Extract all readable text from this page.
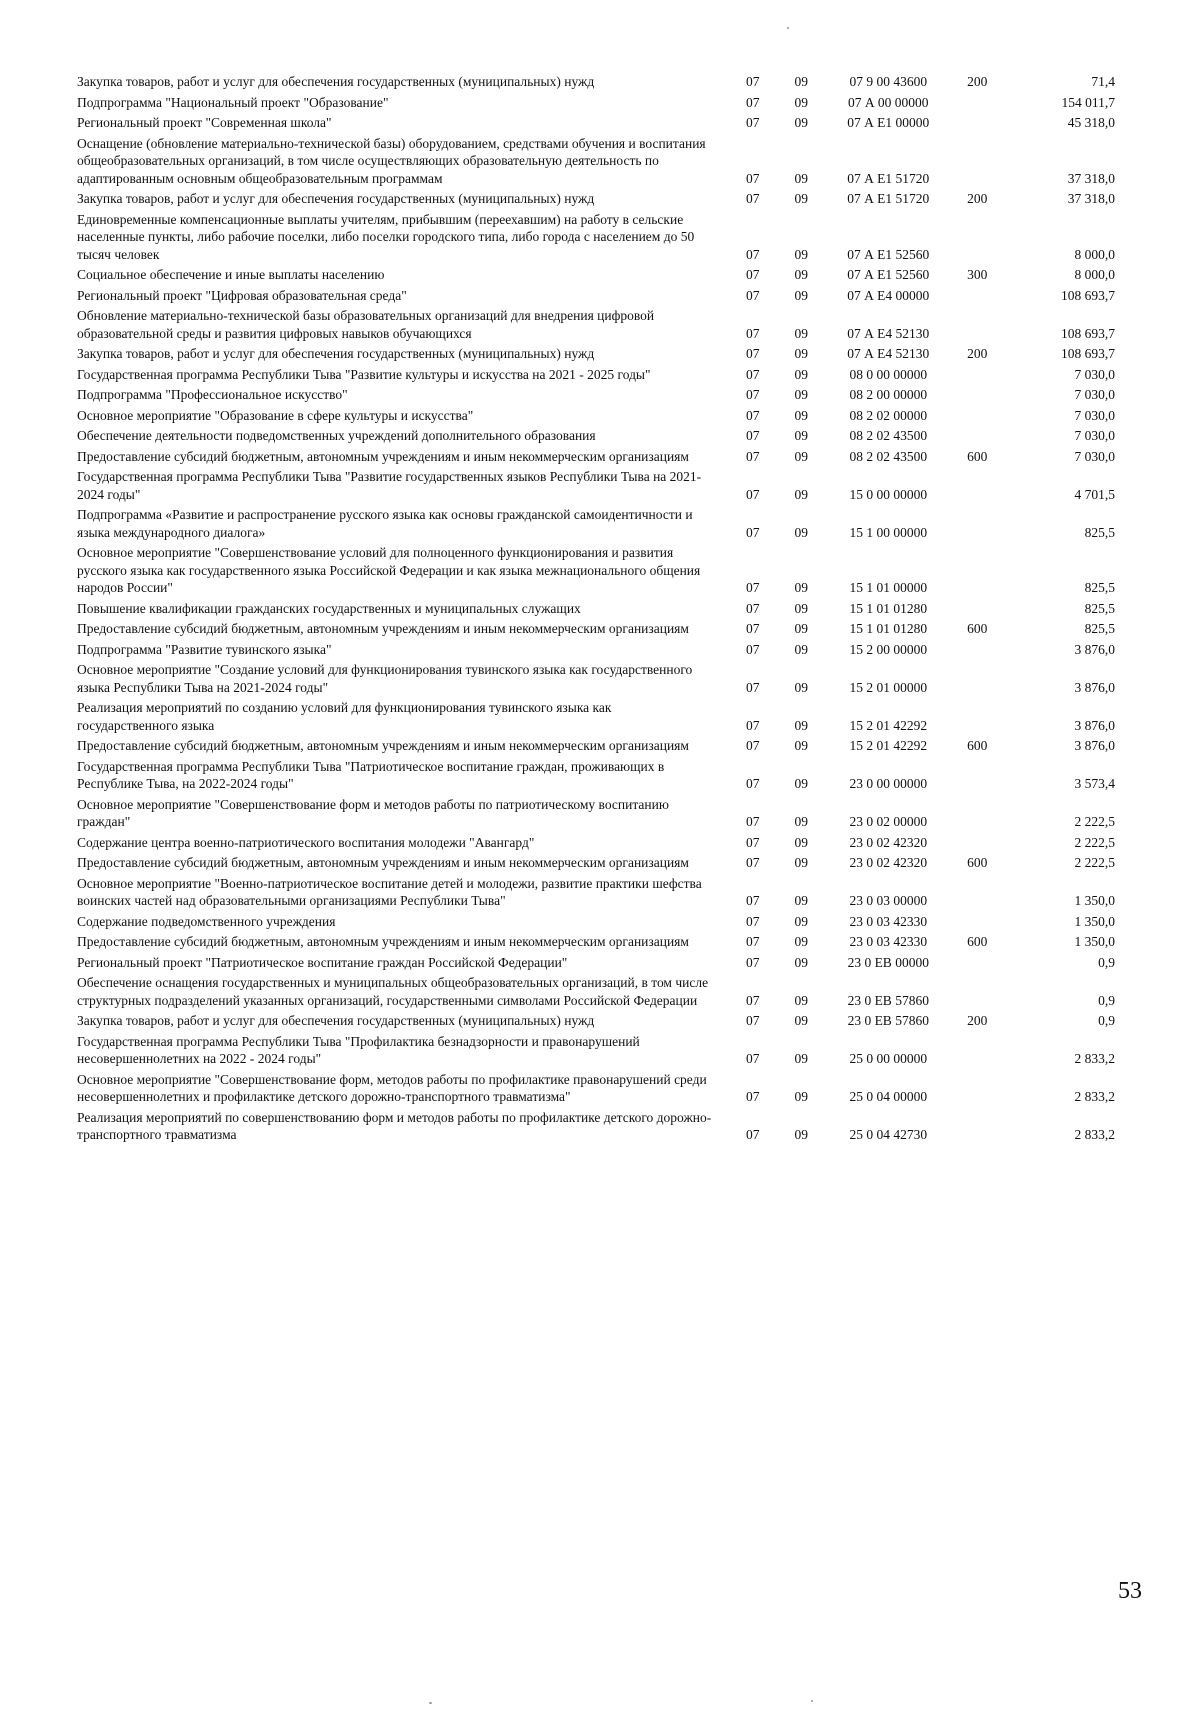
Закупка товаров, работ и услуг для обеспечения государственных (муниципальных) нужд	07	09	07 9 00 43600	200	71,4
Подпрограмма "Национальный проект "Образование"	07	09	07 А 00 00000		154 011,7
Региональный проект "Современная школа"	07	09	07 А Е1 00000		45 318,0
Оснащение (обновление материально-технической базы) оборудованием, средствами обучения и воспитания общеобразовательных организаций, в том числе осуществляющих образовательную деятельность по адаптированным основным общеобразовательным программам	07	09	07 А Е1 51720		37 318,0
Закупка товаров, работ и услуг для обеспечения государственных (муниципальных) нужд	07	09	07 А Е1 51720	200	37 318,0
Единовременные компенсационные выплаты учителям, прибывшим (переехавшим) на работу в сельские населенные пункты, либо рабочие поселки, либо поселки городского типа, либо города с населением до 50 тысяч человек	07	09	07 А Е1 52560		8 000,0
Социальное обеспечение и иные выплаты населению	07	09	07 А Е1 52560	300	8 000,0
Региональный проект "Цифровая образовательная среда"	07	09	07 А Е4 00000		108 693,7
Обновление материально-технической базы образовательных организаций для внедрения цифровой образовательной среды и развития цифровых навыков обучающихся	07	09	07 А Е4 52130		108 693,7
Закупка товаров, работ и услуг для обеспечения государственных (муниципальных) нужд	07	09	07 А Е4 52130	200	108 693,7
Государственная программа Республики Тыва "Развитие культуры и искусства на 2021 - 2025 годы"	07	09	08 0 00 00000		7 030,0
Подпрограмма "Профессиональное искусство"	07	09	08 2 00 00000		7 030,0
Основное мероприятие "Образование в сфере культуры и искусства"	07	09	08 2 02 00000		7 030,0
Обеспечение деятельности подведомственных учреждений дополнительного образования	07	09	08 2 02 43500		7 030,0
Предоставление субсидий бюджетным, автономным учреждениям и иным некоммерческим организациям	07	09	08 2 02 43500	600	7 030,0
Государственная программа Республики Тыва "Развитие государственных языков Республики Тыва на 2021-2024 годы"	07	09	15 0 00 00000		4 701,5
Подпрограмма «Развитие и распространение русского языка как основы гражданской самоидентичности и языка международного диалога»	07	09	15 1 00 00000		825,5
Основное мероприятие "Совершенствование условий для полноценного функционирования и развития русского языка как государственного языка Российской Федерации и как языка межнационального общения народов России"	07	09	15 1 01 00000		825,5
Повышение квалификации гражданских государственных и муниципальных служащих	07	09	15 1 01 01280		825,5
Предоставление субсидий бюджетным, автономным учреждениям и иным некоммерческим организациям	07	09	15 1 01 01280	600	825,5
Подпрограмма "Развитие тувинского языка"	07	09	15 2 00 00000		3 876,0
Основное мероприятие "Создание условий для функционирования тувинского языка как государственного языка Республики Тыва на 2021-2024 годы"	07	09	15 2 01 00000		3 876,0
Реализация мероприятий по созданию условий для функционирования тувинского языка как государственного языка	07	09	15 2 01 42292		3 876,0
Предоставление субсидий бюджетным, автономным учреждениям и иным некоммерческим организациям	07	09	15 2 01 42292	600	3 876,0
Государственная программа Республики Тыва "Патриотическое воспитание граждан, проживающих в Республике Тыва, на 2022-2024 годы"	07	09	23 0 00 00000		3 573,4
Основное мероприятие "Совершенствование форм и методов работы по патриотическому воспитанию граждан"	07	09	23 0 02 00000		2 222,5
Содержание центра военно-патриотического воспитания молодежи "Авангард"	07	09	23 0 02 42320		2 222,5
Предоставление субсидий бюджетным, автономным учреждениям и иным некоммерческим организациям	07	09	23 0 02 42320	600	2 222,5
Основное мероприятие "Военно-патриотическое воспитание детей и молодежи, развитие практики шефства воинских частей над образовательными организациями Республики Тыва"	07	09	23 0 03 00000		1 350,0
Содержание подведомственного учреждения	07	09	23 0 03 42330		1 350,0
Предоставление субсидий бюджетным, автономным учреждениям и иным некоммерческим организациям	07	09	23 0 03 42330	600	1 350,0
Региональный проект "Патриотическое воспитание граждан Российской Федерации"	07	09	23 0 ЕВ 00000		0,9
Обеспечение оснащения государственных и муниципальных общеобразовательных организаций, в том числе структурных подразделений указанных организаций, государственными символами Российской Федерации	07	09	23 0 ЕВ 57860		0,9
Закупка товаров, работ и услуг для обеспечения государственных (муниципальных) нужд	07	09	23 0 ЕВ 57860	200	0,9
Государственная программа Республики Тыва "Профилактика безнадзорности и правонарушений несовершеннолетних на 2022 - 2024 годы"	07	09	25 0 00 00000		2 833,2
Основное мероприятие "Совершенствование форм, методов работы по профилактике правонарушений среди несовершеннолетних и профилактике детского дорожно-транспортного травматизма"	07	09	25 0 04 00000		2 833,2
Реализация мероприятий по совершенствованию форм и методов работы по профилактике детского дорожно-транспортного травматизма	07	09	25 0 04 42730		2 833,2
53
